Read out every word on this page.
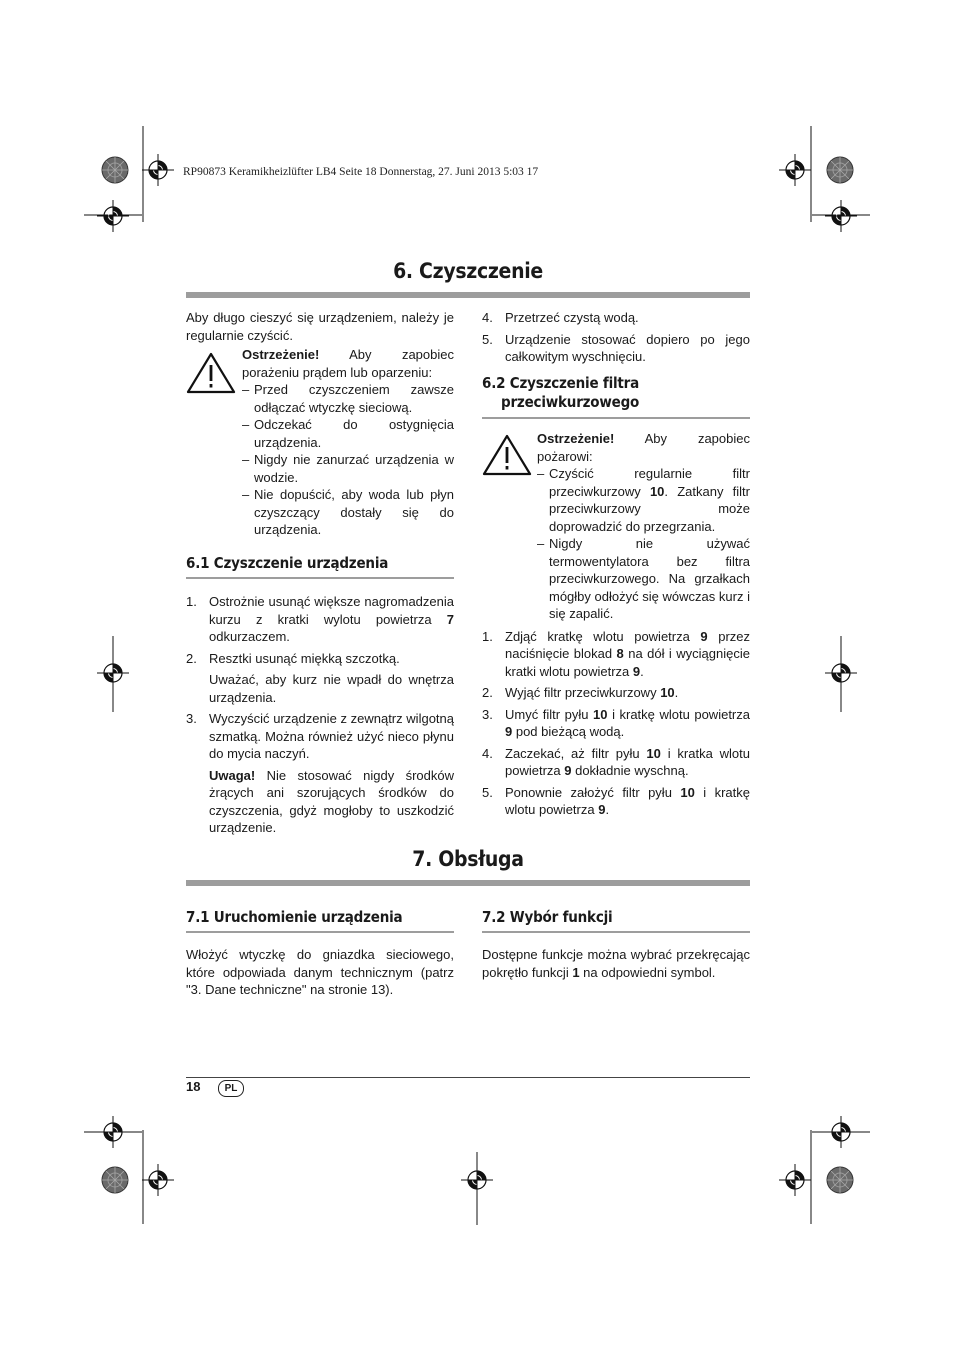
RP90873 Keramikheizlüfter LB4 Seite 18 Donnerstag, 27. Juni 2013 5:03 17
6. Czyszczenie
Aby długo cieszyć się urządzeniem, należy je regularnie czyścić.
Ostrzeżenie! Aby zapobiec porażeniu prądem lub oparzeniu:
– Przed czyszczeniem zawsze odłączać wtyczkę sieciową.
– Odczekać do ostygnięcia urządzenia.
– Nigdy nie zanurzać urządzenia w wodzie.
– Nie dopuścić, aby woda lub płyn czyszczący dostały się do urządzenia.
6.1 Czyszczenie urządzenia
1. Ostrożnie usunąć większe nagromadzenia kurzu z kratki wylotu powietrza 7 odkurzaczem.
2. Resztki usunąć miękką szczotką.
Uważać, aby kurz nie wpadł do wnętrza urządzenia.
3. Wyczyścić urządzenie z zewnątrz wilgotną szmatką. Można również użyć nieco płynu do mycia naczyń.
Uwaga! Nie stosować nigdy środków żrących ani szorujących środków do czyszczenia, gdyż mogłoby to uszkodzić urządzenie.
4. Przetrzeć czystą wodą.
5. Urządzenie stosować dopiero po jego całkowitym wyschnięciu.
6.2 Czyszczenie filtra
przeciwkurzowego
Ostrzeżenie! Aby zapobiec pożarowi:
– Czyścić regularnie filtr przeciwkurzowy 10. Zatkany filtr przeciwkurzowy może doprowadzić do przegrzania.
– Nigdy nie używać termowentylatora bez filtra przeciwkurzowego. Na grzałkach mógłby odłożyć się wówczas kurz i się zapalić.
1. Zdjąć kratkę wlotu powietrza 9 przez naciśnięcie blokad 8 na dół i wyciągnięcie kratki wlotu powietrza 9.
2. Wyjąć filtr przeciwkurzowy 10.
3. Umyć filtr pyłu 10 i kratkę wlotu powietrza 9 pod bieżącą wodą.
4. Zaczekać, aż filtr pyłu 10 i kratka wlotu powietrza 9 dokładnie wyschną.
5. Ponownie założyć filtr pyłu 10 i kratkę wlotu powietrza 9.
7. Obsługa
7.1 Uruchomienie urządzenia
Włożyć wtyczkę do gniazdka sieciowego, które odpowiada danym technicznym (patrz "3. Dane techniczne" na stronie 13).
7.2 Wybór funkcji
Dostępne funkcje można wybrać przekręcając pokrętło funkcji 1 na odpowiedni symbol.
18	PL
